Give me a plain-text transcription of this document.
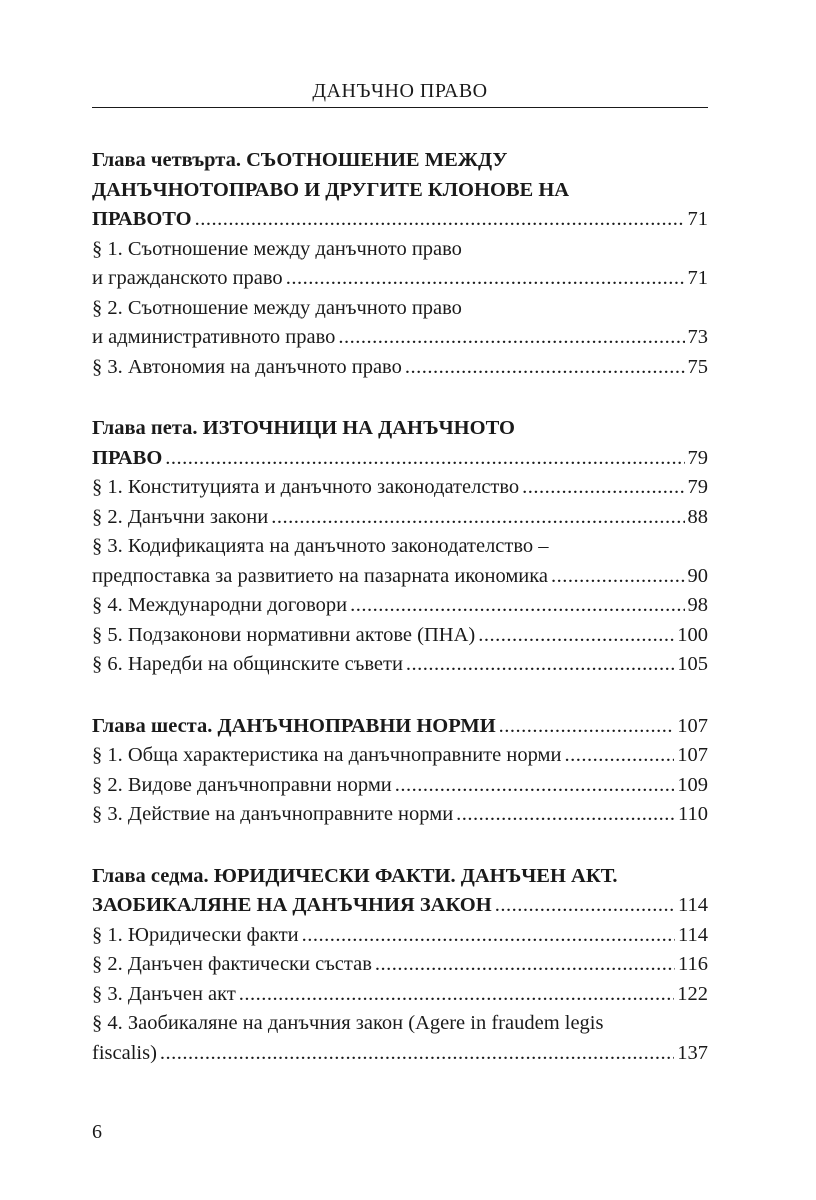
ДАНЪЧНО ПРАВО
Глава четвърта. СЪОТНОШЕНИЕ МЕЖДУ
ДАНЪЧНОТОПРАВО И ДРУГИТЕ КЛОНОВЕ НА
ПРАВОТО .....	71
§ 1. Съотношение между данъчното право
и гражданското право .....	71
§ 2. Съотношение между данъчното право
и административното право .....	73
§ 3. Автономия на данъчното право .....	75
Глава пета. ИЗТОЧНИЦИ НА ДАНЪЧНОТО
ПРАВО .....	79
§ 1. Конституцията и данъчното законодателство .....	79
§ 2. Данъчни закони .....	88
§ 3. Кодификацията на данъчното законодателство –
предпоставка за развитието на пазарната икономика .....	90
§ 4. Международни договори .....	98
§ 5. Подзаконови нормативни актове (ПНА) .....	100
§ 6. Наредби на общинските съвети .....	105
Глава шеста. ДАНЪЧНОПРАВНИ НОРМИ .....	107
§ 1. Обща характеристика на данъчноправните норми .....	107
§ 2. Видове данъчноправни норми .....	109
§ 3. Действие на данъчноправните норми .....	110
Глава седма. ЮРИДИЧЕСКИ ФАКТИ. ДАНЪЧЕН АКТ.
ЗАОБИКАЛЯНЕ НА ДАНЪЧНИЯ ЗАКОН .....	114
§ 1. Юридически факти .....	114
§ 2. Данъчен фактически състав .....	116
§ 3. Данъчен акт .....	122
§ 4. Заобикаляне на данъчния закон (Agere in fraudem legis
fiscalis) .....	137
6
